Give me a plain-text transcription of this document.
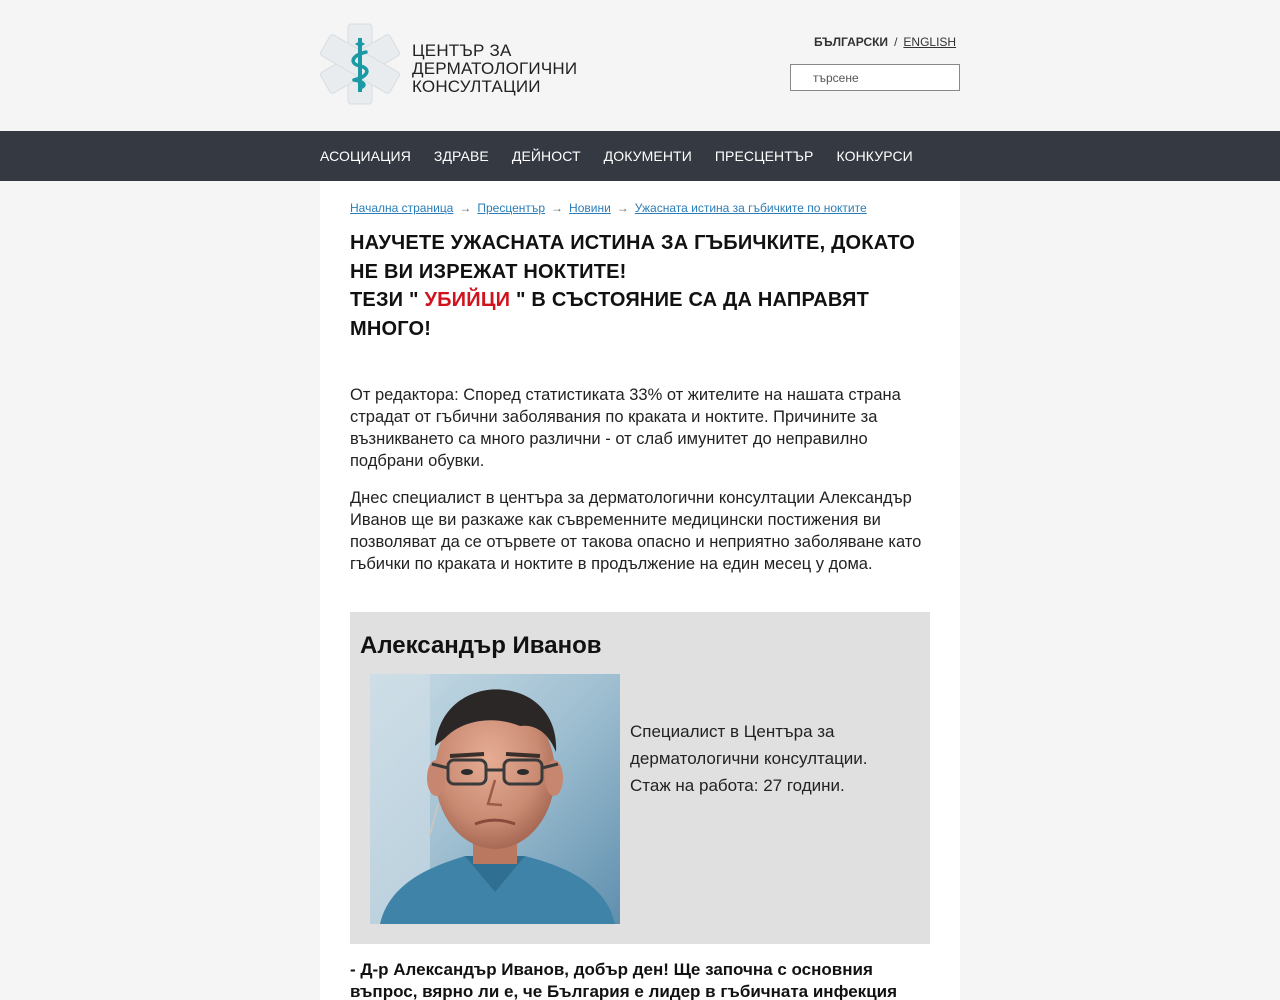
ЦЕНТЪР ЗА
ДЕРМАТОЛОГИЧНИ
КОНСУЛТАЦИИ
БЪЛГАРСКИ / ENGLISH
търсене
АСОЦИАЦИЯ ЗДРАВЕ ДЕЙНОСТ ДОКУМЕНТИ ПРЕСЦЕНТЪР КОНКУРСИ
Начална страница → Пресцентър → Новини → Ужасната истина за гъбичките по ноктите
НАУЧЕТЕ УЖАСНАТА ИСТИНА ЗА ГЪБИЧКИТЕ, ДОКАТО НЕ ВИ ИЗРЕЖАТ НОКТИТЕ!
ТЕЗИ " УБИЙЦИ " В СЪСТОЯНИЕ СА ДА НАПРАВЯТ МНОГО!
От редактора: Според статистиката 33% от жителите на нашата страна страдат от гъбични заболявания по краката и ноктите. Причините за възникването са много различни - от слаб имунитет до неправилно подбрани обувки.
Днес специалист в центъра за дерматологични консултации Александър Иванов ще ви разкаже как съвременните медицински постижения ви позволяват да се отървете от такова опасно и неприятно заболяване като гъбички по краката и ноктите в продължение на един месец у дома.
Александър Иванов
Специалист в Центъра за
дерматологични консултации.
Стаж на работа: 27 години.
- Д-р Александър Иванов, добър ден! Ще започна с основния въпрос, вярно ли е, че България е лидер в гъбичната инфекция
